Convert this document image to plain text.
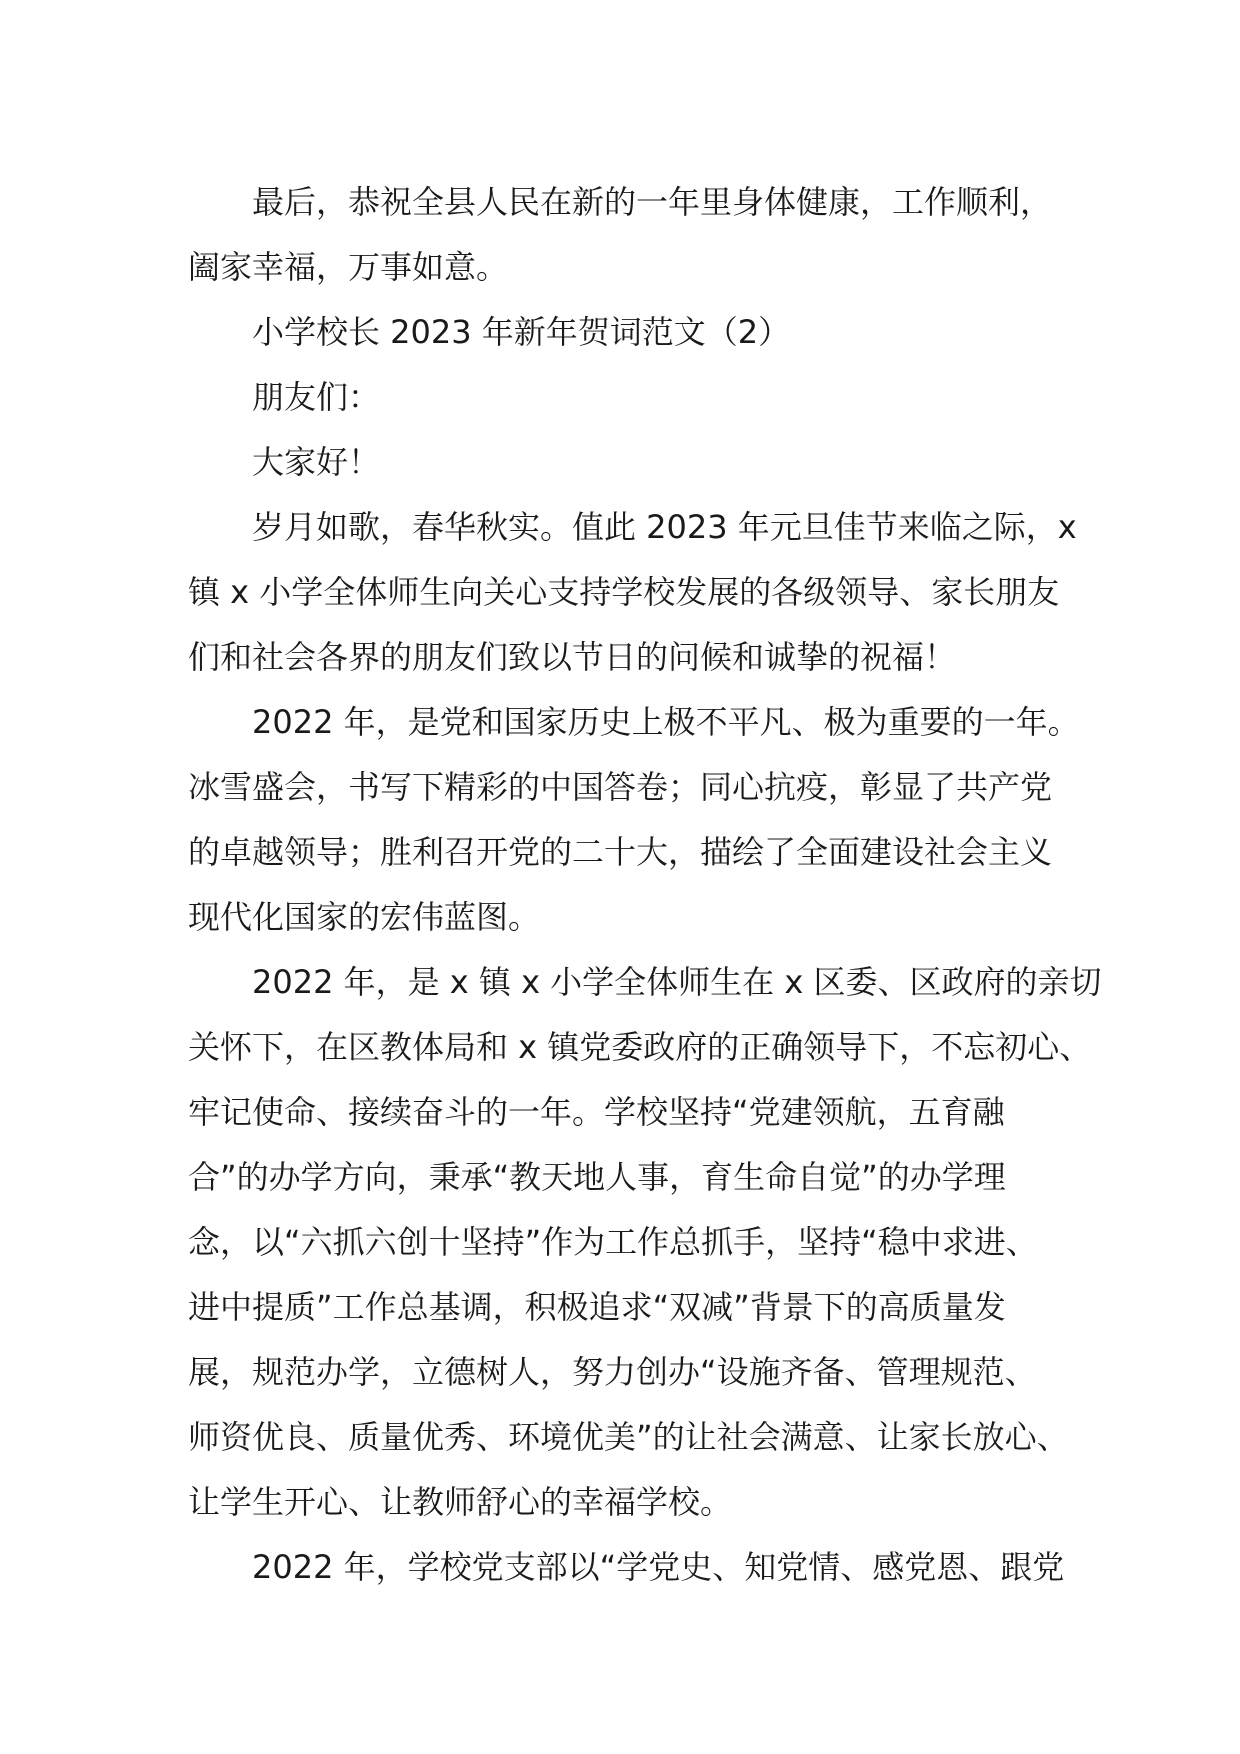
最后，恭祝全县人民在新的一年里身体健康，工作顺利，
阖家幸福，万事如意。
小学校长 2023 年新年贺词范文（2）
朋友们：
大家好！
岁月如歌，春华秋实。值此 2023 年元旦佳节来临之际，x
镇 x 小学全体师生向关心支持学校发展的各级领导、家长朋友
们和社会各界的朋友们致以节日的问候和诚挚的祝福！
2022 年，是党和国家历史上极不平凡、极为重要的一年。
冰雪盛会，书写下精彩的中国答卷；同心抗疫，彰显了共产党
的卓越领导；胜利召开党的二十大，描绘了全面建设社会主义
现代化国家的宏伟蓝图。
2022 年，是 x 镇 x 小学全体师生在 x 区委、区政府的亲切
关怀下，在区教体局和 x 镇党委政府的正确领导下，不忘初心、
牢记使命、接续奋斗的一年。学校坚持“党建领航，五育融
合”的办学方向，秉承“教天地人事，育生命自觉”的办学理
念，以“六抓六创十坚持”作为工作总抓手，坚持“稳中求进、
进中提质”工作总基调，积极追求“双减”背景下的高质量发
展，规范办学，立德树人，努力创办“设施齐备、管理规范、
师资优良、质量优秀、环境优美”的让社会满意、让家长放心、
让学生开心、让教师舒心的幸福学校。
2022 年，学校党支部以“学党史、知党情、感党恩、跟党
